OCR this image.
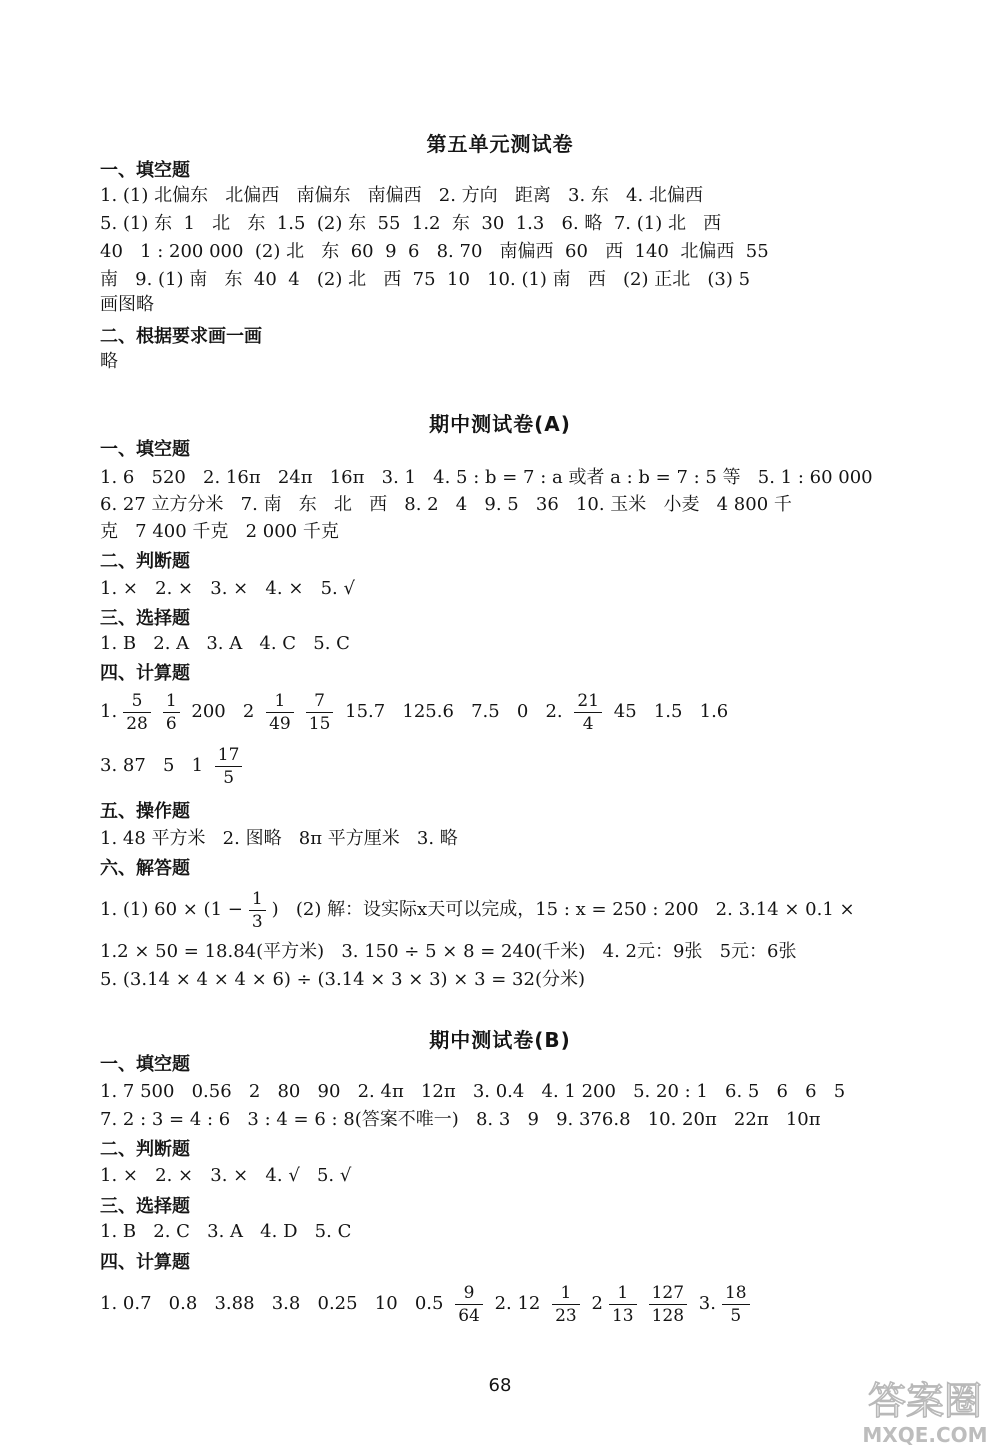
第五单元测试卷
一、填空题
1. (1) 北偏东   北偏西   南偏东   南偏西   2. 方向   距离   3. 东   4. 北偏西
5. (1) 东  1   北   东  1.5  (2) 东  55  1.2  东  30  1.3   6. 略  7. (1) 北   西
40   1 : 200 000  (2) 北   东  60  9  6   8. 70   南偏西  60   西  140  北偏西  55
南   9. (1) 南   东  40  4   (2) 北   西  75  10   10. (1) 南   西   (2) 正北   (3) 5
画图略
二、根据要求画一画
略
期中测试卷(A)
一、填空题
1. 6   520   2. 16π   24π   16π   3. 1   4. 5 : b = 7 : a 或者 a : b = 7 : 5 等   5. 1 : 60 000
6. 27 立方分米   7. 南   东   北   西   8. 2   4   9. 5   36   10. 玉米   小麦   4 800 千
克   7 400 千克   2 000 千克
二、判断题
1. ×   2. ×   3. ×   4. ×   5. √
三、选择题
1. B   2. A   3. A   4. C   5. C
四、计算题
1. $\frac{5}{28} \frac{1}{6} 200$   $2 \frac{1}{49} \frac{7}{15} 15.7$   125.6   7.5   0   2. $\frac{21}{4} 45$   1.5   1.6
3. 87   5   $1 \frac{17}{5}$
五、操作题
1. 48 平方米   2. 图略   8π 平方厘米   3. 略
六、解答题
1. (1) $60 \times (1 - \frac{1}{3}$ )   (2) 解：设实际x天可以完成，15 : x = 250 : 200   2. 3.14 × 0.1 ×
1.2 × 50 = 18.84(平方米)   3. 150 ÷ 5 × 8 = 240(千米)   4. 2元：9张   5元：6张
5. (3.14 × 4 × 4 × 6) ÷ (3.14 × 3 × 3) × 3 = 32(分米)
期中测试卷(B)
一、填空题
1. 7 500   0.56   2   80   90   2. 4π   12π   3. 0.4   4. 1 200   5. 20 : 1   6. 5   6   6   5
7. 2 : 3 = 4 : 6   3 : 4 = 6 : 8(答案不唯一)   8. 3   9   9. 376.8   10. 20π   22π   10π
二、判断题
1. ×   2. ×   3. ×   4. √   5. √
三、选择题
1. B   2. C   3. A   4. D   5. C
四、计算题
1. 0.7   0.8   3.88   3.8   0.25   10   $0.5 \frac{9}{64} 2$. $12 \frac{1}{23} 2 \frac{1}{13} \frac{127}{128} 3$. $\frac{18}{5}$
68	答案圈
MXQE.COM
